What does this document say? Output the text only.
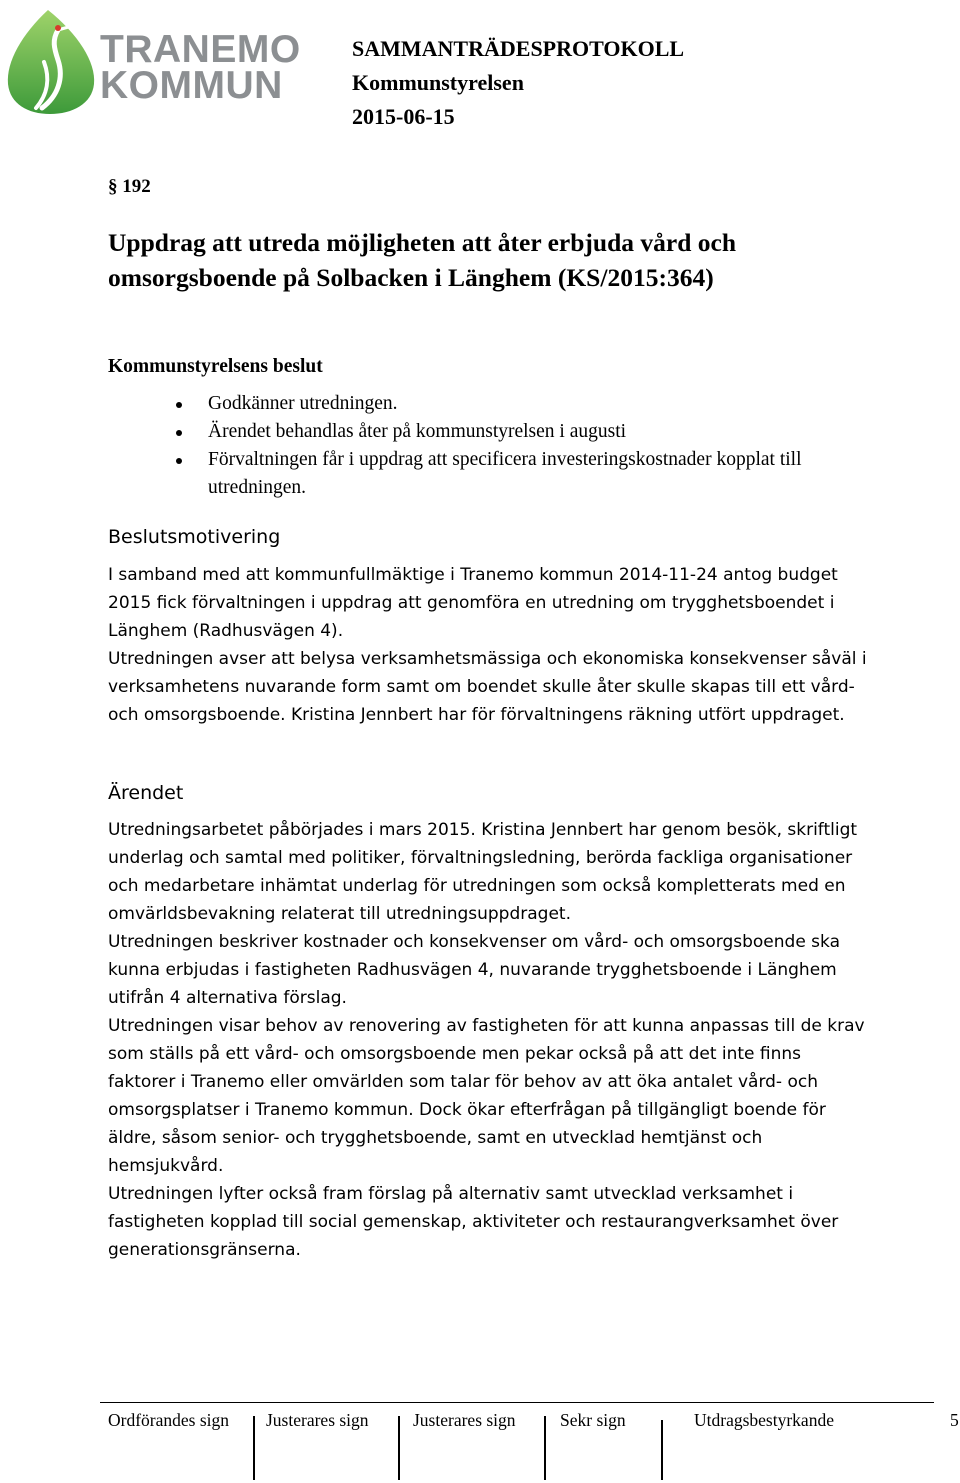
TRANEMO
KOMMUN
SAMMANTRÄDESPROTOKOLL
Kommunstyrelsen
2015-06-15
§ 192
Uppdrag att utreda möjligheten att åter erbjuda vård och omsorgsboende på Solbacken i Länghem (KS/2015:364)
Kommunstyrelsens beslut
Godkänner utredningen.
Ärendet behandlas åter på kommunstyrelsen i augusti
Förvaltningen får i uppdrag att specificera investeringskostnader kopplat till utredningen.
Beslutsmotivering

I samband med att kommunfullmäktige i Tranemo kommun 2014-11-24 antog budget 2015 fick förvaltningen i uppdrag att genomföra en utredning om trygghetsboendet i Länghem (Radhusvägen 4).

Utredningen avser att belysa verksamhetsmässiga och ekonomiska konsekvenser såväl i verksamhetens nuvarande form samt om boendet skulle åter skulle skapas till ett vård- och omsorgsboende. Kristina Jennbert har för förvaltningens räkning utfört uppdraget.

Ärendet

Utredningsarbetet påbörjades i mars 2015. Kristina Jennbert har genom besök, skriftligt underlag och samtal med politiker, förvaltningsledning, berörda fackliga organisationer och medarbetare inhämtat underlag för utredningen som också kompletterats med en omvärldsbevakning relaterat till utredningsuppdraget.

Utredningen beskriver kostnader och konsekvenser om vård- och omsorgsboende ska kunna erbjudas i fastigheten Radhusvägen 4, nuvarande trygghetsboende i Länghem utifrån 4 alternativa förslag.

Utredningen visar behov av renovering av fastigheten för att kunna anpassas till de krav som ställs på ett vård- och omsorgsboende men pekar också på att det inte finns faktorer i Tranemo eller omvärlden som talar för behov av att öka antalet vård- och omsorgsplatser i Tranemo kommun. Dock ökar efterfrågan på tillgängligt boende för äldre, såsom senior- och trygghetsboende, samt en utvecklad hemtjänst och hemsjukvård.

Utredningen lyfter också fram förslag på alternativ samt utvecklad verksamhet i fastigheten kopplad till social gemenskap, aktiviteter och restaurangverksamhet över generationsgränserna.

Ordförandes sign Justerares sign	Justerares sign	Sekr sign	Utdragsbestyrkande	5
